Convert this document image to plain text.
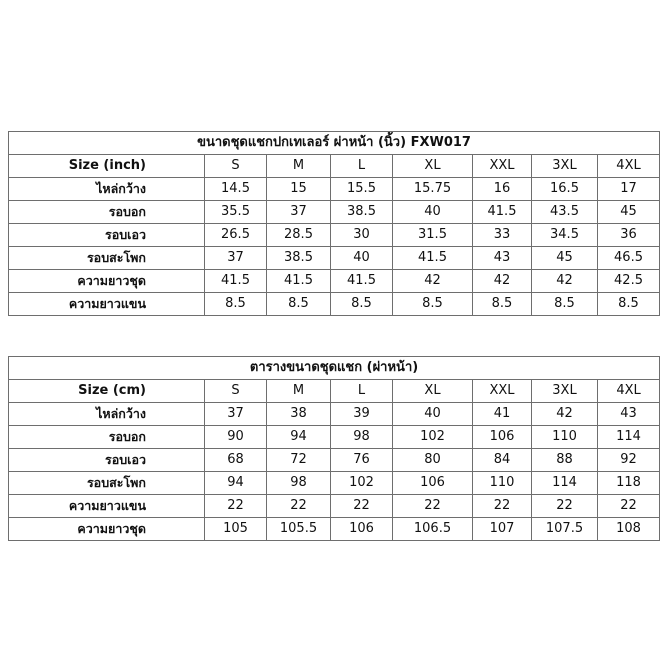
ขนาดชุดแชกปกเทเลอร์ ผ่าหน้า (นิ้ว) FXW017							
Size (inch)	S	M	L	XL	XXL	3XL	4XL
ไหล่กว้าง	14.5	15	15.5	15.75	16	16.5	17
รอบอก	35.5	37	38.5	40	41.5	43.5	45
รอบเอว	26.5	28.5	30	31.5	33	34.5	36
รอบสะโพก	37	38.5	40	41.5	43	45	46.5
ความยาวชุด	41.5	41.5	41.5	42	42	42	42.5
ความยาวแขน	8.5	8.5	8.5	8.5	8.5	8.5	8.5
ตารางขนาดชุดแชก (ผ่าหน้า)							
Size (cm)	S	M	L	XL	XXL	3XL	4XL
ไหล่กว้าง	37	38	39	40	41	42	43
รอบอก	90	94	98	102	106	110	114
รอบเอว	68	72	76	80	84	88	92
รอบสะโพก	94	98	102	106	110	114	118
ความยาวแขน	22	22	22	22	22	22	22
ความยาวชุด	105	105.5	106	106.5	107	107.5	108
